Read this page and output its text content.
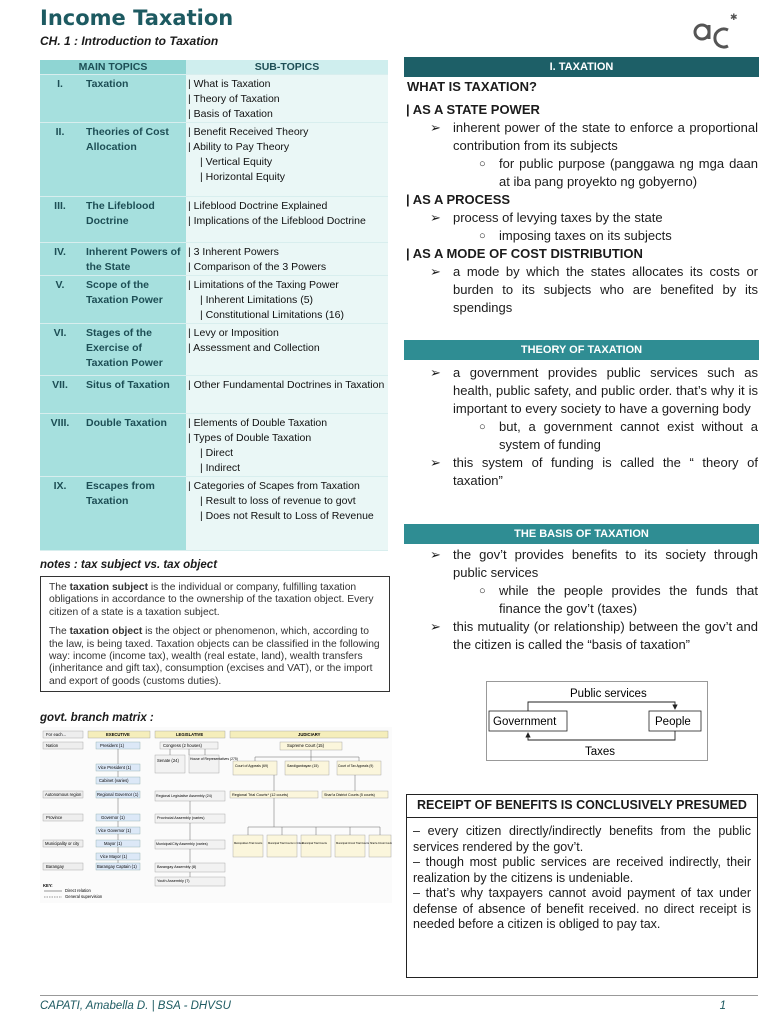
Income Taxation
CH. 1 : Introduction to Taxation
✱
MAIN TOPICS		SUB-TOPICS
I.	Taxation	| What is Taxation
| Theory of Taxation
| Basis of Taxation

II.	Theories of Cost Allocation	| Benefit Received Theory
| Ability to Pay Theory
| Vertical Equity
| Horizontal Equity

III.	The Lifeblood Doctrine	| Lifeblood Doctrine Explained
| Implications of the Lifeblood Doctrine

IV.	Inherent Powers of the State	| 3 Inherent Powers
| Comparison of the 3 Powers

V.	Scope of the Taxation Power	| Limitations of the Taxing Power
| Inherent Limitations (5)
| Constitutional Limitations (16)

VI.	Stages of the Exercise of Taxation Power	| Levy or Imposition
| Assessment and Collection

VII.	Situs of Taxation	| Other Fundamental Doctrines in Taxation

VIII.	Double Taxation	| Elements of Double Taxation
| Types of Double Taxation
| Direct
| Indirect

IX.	Escapes from Taxation	| Categories of Scapes from Taxation
| Result to loss of revenue to govt
| Does not Result to Loss of Revenue
notes : tax subject vs. tax object

The taxation subject is the individual or company, fulfilling taxation obligations in accordance to the ownership of the taxation object. Every citizen of a state is a taxation subject.

The taxation object is the object or phenomenon, which, according to the law, is being taxed. Taxation objects can be classified in the following way: income (income tax), wealth (real estate, land), wealth transfers (inheritance and gift tax), consumption (excises and VAT), or the import and export of goods (customs duties).

govt. branch matrix :
For each...	EXECUTIVE	LEGISLATIVE	JUDICIARY
Nation
Autonomous region
Province
Municipality or city
Barangay
President (1)
Vice President (1)
Cabinet (varies)
Regional Governor (1)
Governor (1)
Vice Governor (1)
Mayor (1)
Vice Mayor (1)
Barangay Captain (1)
Congress (2 houses)
Senate (24)	House of Representatives (275)
Regional Legislative Assembly (24)
Provincial Assembly (varies)
Municipal/City Assembly (varies)
Barangay Assembly (8)
Youth Assembly (7)
Supreme Court (15)
Court of Appeals (69)	Sandiganbayan (15)	Court of Tax Appeals (9)
Regional Trial Courts* (12 courts)	Shari'a District Courts (5 courts)
Metropolitan Trial Courts Municipal Trial Courts in Cities Municipal Trial Courts	Municipal Circuit Trial Courts Shari'a Circuit Courts
KEY:
Direct relation
General supervision
I. TAXATION
WHAT IS TAXATION?
| AS A STATE POWER
➢ inherent power of the state to enforce a proportional contribution from its subjects
○ for public purpose (panggawa ng mga daan at iba pang proyekto ng gobyerno)
| AS A PROCESS
➢ process of levying taxes by the state
○ imposing taxes on its subjects
| AS A MODE OF COST DISTRIBUTION
➢ a mode by which the states allocates its costs or burden to its subjects who are benefited by its spendings
THEORY OF TAXATION
➢ a government provides public services such as health, public safety, and public order. that’s why it is important to every society to have a governing body
○ but, a government cannot exist without a system of funding
➢ this system of funding is called the “ theory of taxation”
THE BASIS OF TAXATION
➢ the gov’t provides benefits to its society through public services
○ while the people provides the funds that finance the gov’t (taxes)
➢ this mutuality (or relationship) between the gov’t and the citizen is called the “basis of taxation”
Public services
Government	People
Taxes
RECEIPT OF BENEFITS IS CONCLUSIVELY PRESUMED
– every citizen directly/indirectly benefits from the public services rendered by the gov’t.
– though most public services are received indirectly, their realization by the citizens is undeniable.
– that’s why taxpayers cannot avoid payment of tax under defense of absence of benefit received. no direct receipt is needed before a citizen is obliged to pay tax.
CAPATI, Amabella D. | BSA - DHVSU	1
